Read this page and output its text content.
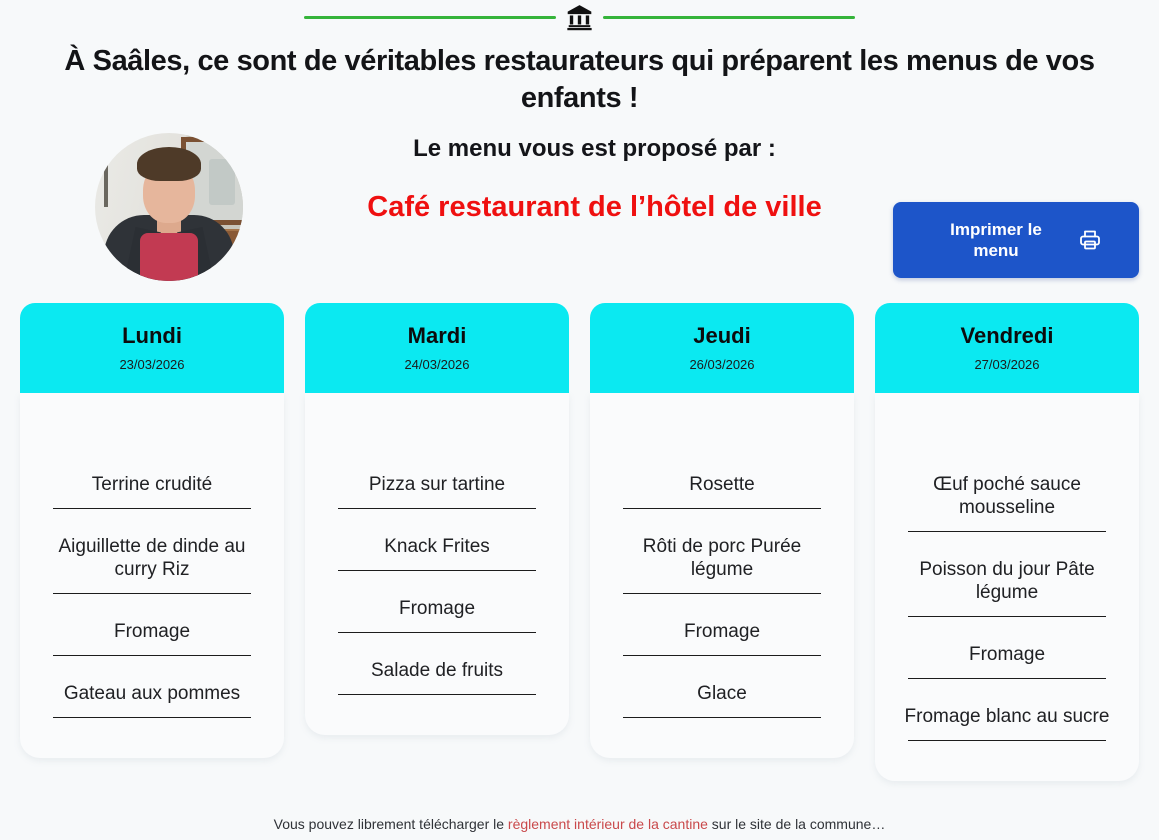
À Saâles, ce sont de véritables restaurateurs qui préparent les menus de vos enfants !
Le menu vous est proposé par :
Café restaurant de l’hôtel de ville
Imprimer le menu
Lundi
23/03/2026
Terrine crudité
Aiguillette de dinde au curry Riz
Fromage
Gateau aux pommes
Mardi
24/03/2026
Pizza sur tartine
Knack Frites
Fromage
Salade de fruits
Jeudi
26/03/2026
Rosette
Rôti de porc Purée légume
Fromage
Glace
Vendredi
27/03/2026
Œuf poché sauce mousseline
Poisson du jour Pâte légume
Fromage
Fromage blanc au sucre
Vous pouvez librement télécharger le règlement intérieur de la cantine sur le site de la commune…
